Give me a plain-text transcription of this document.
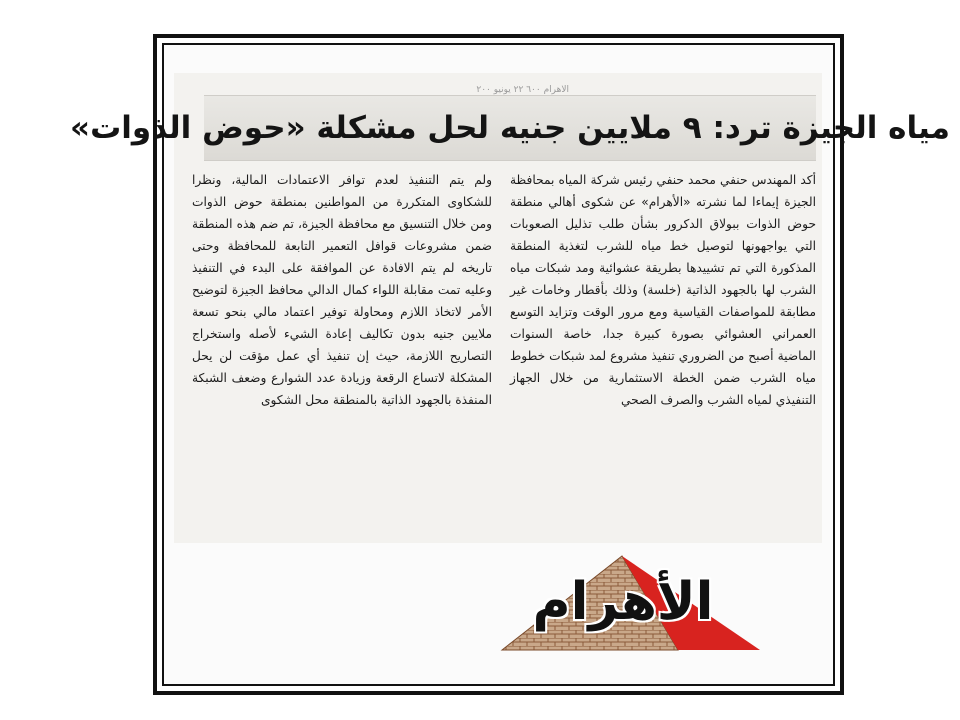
الاهرام ٦٠٠ ٢٢ يونيو ٢٠٠
مياه الجيزة ترد: ٩ ملايين جنيه لحل مشكلة «حوض الذوات»
أكد المهندس حنفي محمد حنفي رئيس شركة المياه بمحافظة الجيزة إيماءا لما نشرته «الأهرام» عن شكوى أهالي منطقة حوض الذوات ببولاق الدكرور بشأن طلب تذليل الصعوبات التي يواجهونها لتوصيل خط مياه للشرب لتغذية المنطقة المذكورة التي تم تشييدها بطريقة عشوائية ومد شبكات مياه الشرب لها بالجهود الذاتية (خلسة) وذلك بأقطار وخامات غير مطابقة للمواصفات القياسية ومع مرور الوقت وتزايد التوسع العمراني العشوائي بصورة كبيرة جدا، خاصة السنوات الماضية أصبح من الضروري تنفيذ مشروع لمد شبكات خطوط مياه الشرب ضمن الخطة الاستثمارية من خلال الجهاز التنفيذي لمياه الشرب والصرف الصحي
ولم يتم التنفيذ لعدم توافر الاعتمادات المالية، ونظرا للشكاوى المتكررة من المواطنين بمنطقة حوض الذوات ومن خلال التنسيق مع محافظة الجيزة، تم ضم هذه المنطقة ضمن مشروعات قوافل التعمير التابعة للمحافظة وحتى تاريخه لم يتم الافادة عن الموافقة على البدء في التنفيذ وعليه تمت مقابلة اللواء كمال الدالي محافظ الجيزة لتوضيح الأمر لاتخاذ اللازم ومحاولة توفير اعتماد مالي بنحو تسعة ملايين جنيه بدون تكاليف إعادة الشيء لأصله واستخراج التصاريح اللازمة، حيث إن تنفيذ أي عمل مؤقت لن يحل المشكلة لاتساع الرقعة وزيادة عدد الشوارع وضعف الشبكة المنفذة بالجهود الذاتية بالمنطقة محل الشكوى
الأهرام
